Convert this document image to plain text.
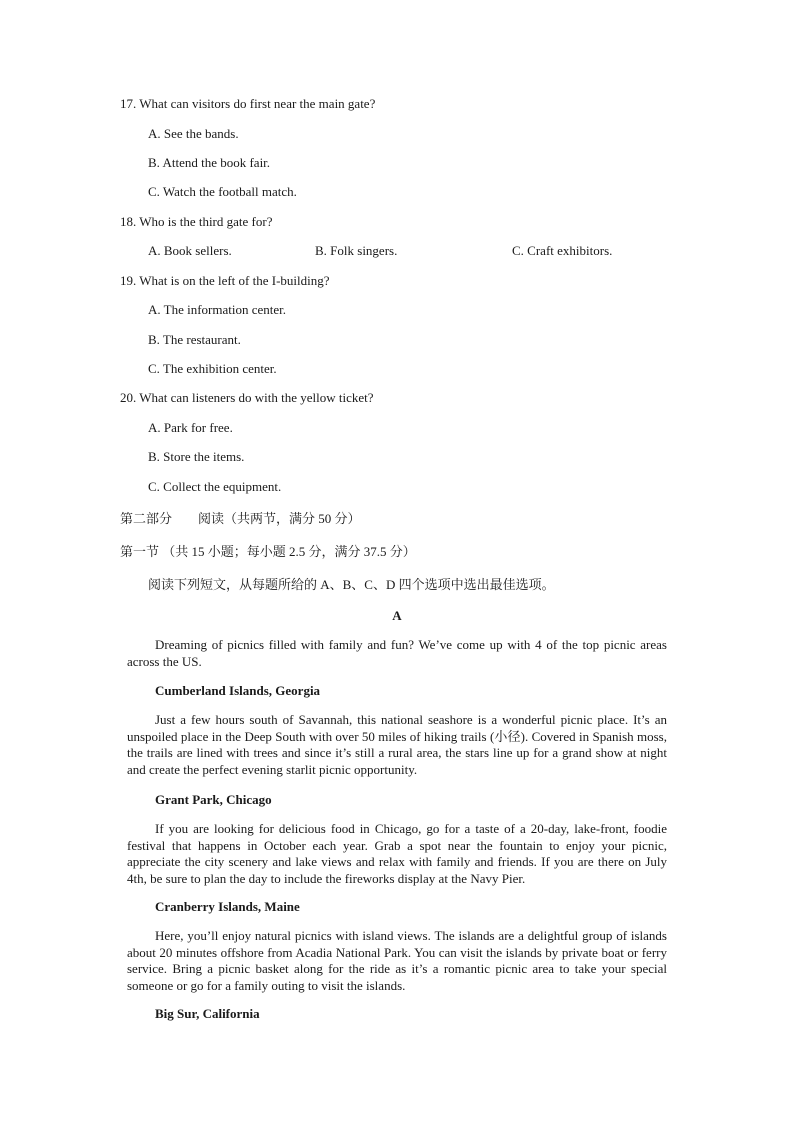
17. What can visitors do first near the main gate?
A. See the bands.
B. Attend the book fair.
C. Watch the football match.
18. Who is the third gate for?
A. Book sellers.	B. Folk singers.	C. Craft exhibitors.
19. What is on the left of the I-building?
A. The information center.
B. The restaurant.
C. The exhibition center.
20. What can listeners do with the yellow ticket?
A. Park for free.
B. Store the items.
C. Collect the equipment.
第二部分　　阅读（共两节，满分 50 分）
第一节 （共 15 小题；每小题 2.5 分，满分 37.5 分）
阅读下列短文，从每题所给的 A、B、C、D 四个选项中选出最佳选项。
A

Dreaming of picnics filled with family and fun? We’ve come up with 4 of the top picnic areas across the US.

Cumberland Islands, Georgia

Just a few hours south of Savannah, this national seashore is a wonderful picnic place. It’s an unspoiled place in the Deep South with over 50 miles of hiking trails (小径). Covered in Spanish moss, the trails are lined with trees and since it’s still a rural area, the stars line up for a grand show at night and create the perfect evening starlit picnic opportunity.

Grant Park, Chicago

If you are looking for delicious food in Chicago, go for a taste of a 20-day, lake-front, foodie festival that happens in October each year. Grab a spot near the fountain to enjoy your picnic, appreciate the city scenery and lake views and relax with family and friends. If you are there on July 4th, be sure to plan the day to include the fireworks display at the Navy Pier.

Cranberry Islands, Maine

Here, you’ll enjoy natural picnics with island views. The islands are a delightful group of islands about 20 minutes offshore from Acadia National Park. You can visit the islands by private boat or ferry service. Bring a picnic basket along for the ride as it’s a romantic picnic area to take your special someone or go for a family outing to visit the islands.

Big Sur, California
